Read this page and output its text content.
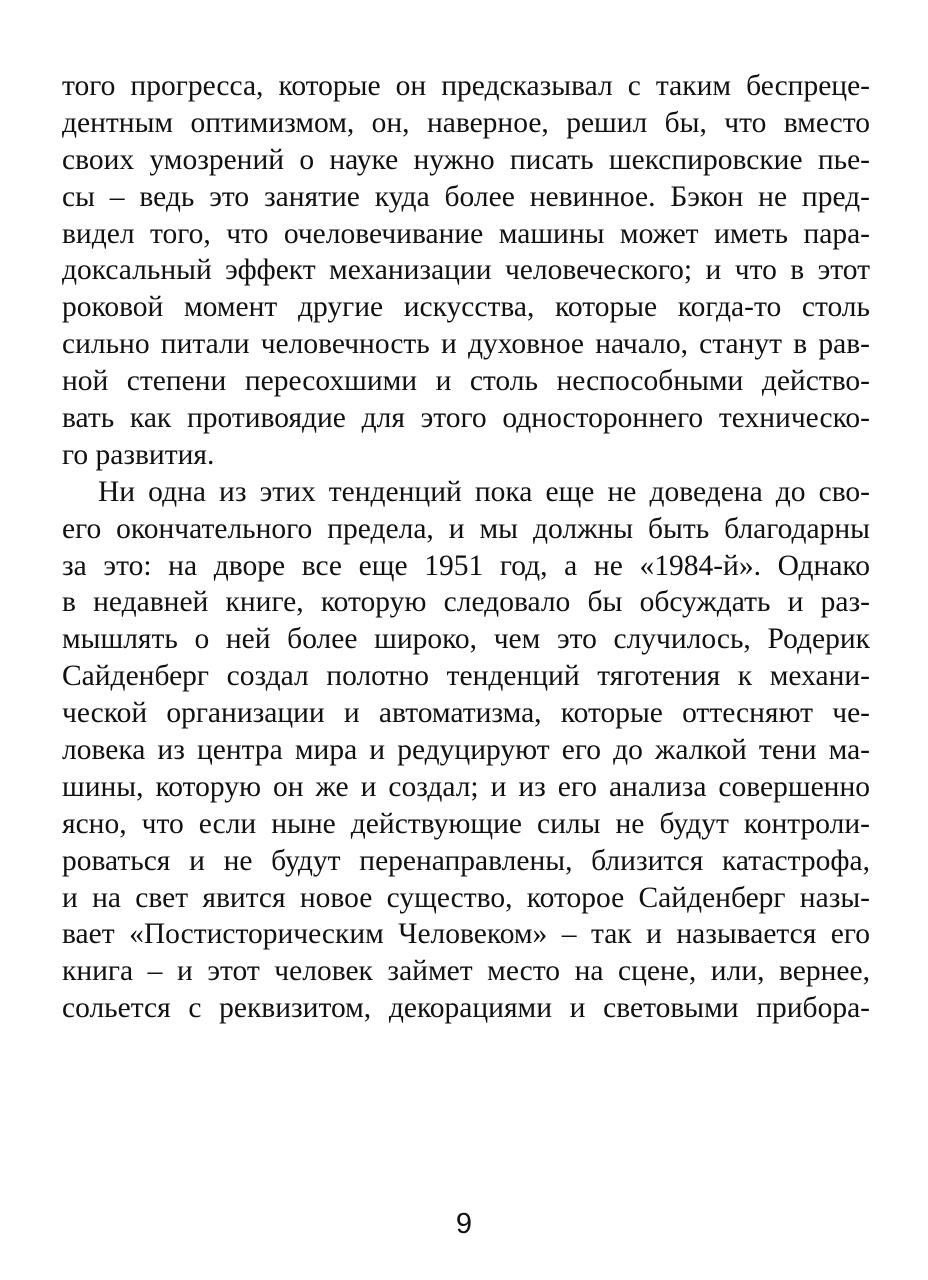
того прогресса, которые он предсказывал с таким беспреце-
дентным оптимизмом, он, наверное, решил бы, что вместо
своих умозрений о науке нужно писать шекспировские пье-
сы – ведь это занятие куда более невинное. Бэкон не пред-
видел того, что очеловечивание машины может иметь пара-
доксальный эффект механизации человеческого; и что в этот
роковой момент другие искусства, которые когда-то столь
сильно питали человечность и духовное начало, станут в рав-
ной степени пересохшими и столь неспособными действо-
вать как противоядие для этого одностороннего техническо-
го развития.
Ни одна из этих тенденций пока еще не доведена до сво-
его окончательного предела, и мы должны быть благодарны
за это: на дворе все еще 1951 год, а не «1984-й». Однако
в недавней книге, которую следовало бы обсуждать и раз-
мышлять о ней более широко, чем это случилось, Родерик
Сайденберг создал полотно тенденций тяготения к механи-
ческой организации и автоматизма, которые оттесняют че-
ловека из центра мира и редуцируют его до жалкой тени ма-
шины, которую он же и создал; и из его анализа совершенно
ясно, что если ныне действующие силы не будут контроли-
роваться и не будут перенаправлены, близится катастрофа,
и на свет явится новое существо, которое Сайденберг назы-
вает «Постисторическим Человеком» – так и называется его
книга – и этот человек займет место на сцене, или, вернее,
сольется с реквизитом, декорациями и световыми прибора-
9
